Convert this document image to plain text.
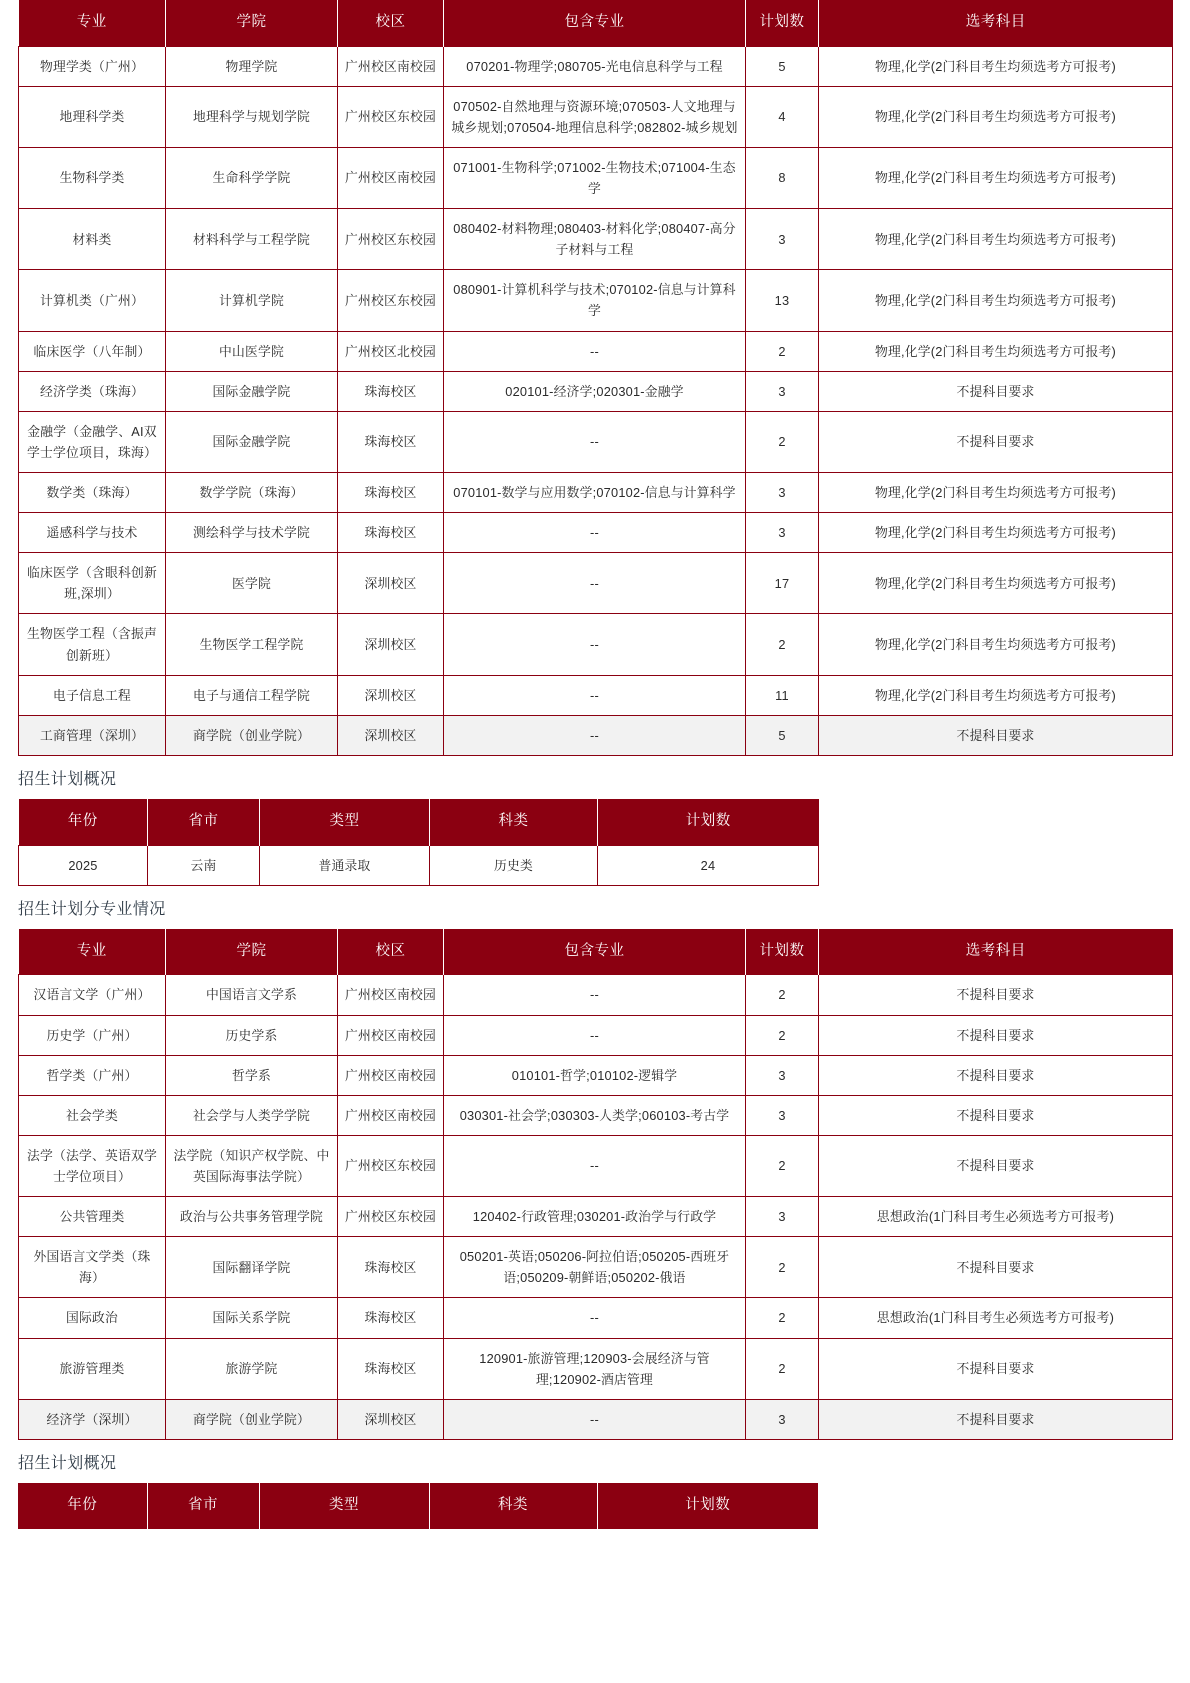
专业	学院	校区	包含专业	计划数	选考科目
物理学类（广州）	物理学院	广州校区南校园	070201-物理学;080705-光电信息科学与工程	5	物理,化学(2门科目考生均须选考方可报考)
地理科学类	地理科学与规划学院	广州校区东校园	070502-自然地理与资源环境;070503-人文地理与城乡规划;070504-地理信息科学;082802-城乡规划	4	物理,化学(2门科目考生均须选考方可报考)
生物科学类	生命科学学院	广州校区南校园	071001-生物科学;071002-生物技术;071004-生态学	8	物理,化学(2门科目考生均须选考方可报考)
材料类	材料科学与工程学院	广州校区东校园	080402-材料物理;080403-材料化学;080407-高分子材料与工程	3	物理,化学(2门科目考生均须选考方可报考)
计算机类（广州）	计算机学院	广州校区东校园	080901-计算机科学与技术;070102-信息与计算科学	13	物理,化学(2门科目考生均须选考方可报考)
临床医学（八年制）	中山医学院	广州校区北校园	--	2	物理,化学(2门科目考生均须选考方可报考)
经济学类（珠海）	国际金融学院	珠海校区	020101-经济学;020301-金融学	3	不提科目要求
金融学（金融学、AI双学士学位项目，珠海）	国际金融学院	珠海校区	--	2	不提科目要求
数学类（珠海）	数学学院（珠海）	珠海校区	070101-数学与应用数学;070102-信息与计算科学	3	物理,化学(2门科目考生均须选考方可报考)
遥感科学与技术	测绘科学与技术学院	珠海校区	--	3	物理,化学(2门科目考生均须选考方可报考)
临床医学（含眼科创新班,深圳）	医学院	深圳校区	--	17	物理,化学(2门科目考生均须选考方可报考)
生物医学工程（含振声创新班）	生物医学工程学院	深圳校区	--	2	物理,化学(2门科目考生均须选考方可报考)
电子信息工程	电子与通信工程学院	深圳校区	--	11	物理,化学(2门科目考生均须选考方可报考)
工商管理（深圳）	商学院（创业学院）	深圳校区	--	5	不提科目要求
招生计划概况
年份	省市	类型	科类	计划数
2025	云南	普通录取	历史类	24
招生计划分专业情况
专业	学院	校区	包含专业	计划数	选考科目
汉语言文学（广州）	中国语言文学系	广州校区南校园	--	2	不提科目要求
历史学（广州）	历史学系	广州校区南校园	--	2	不提科目要求
哲学类（广州）	哲学系	广州校区南校园	010101-哲学;010102-逻辑学	3	不提科目要求
社会学类	社会学与人类学学院	广州校区南校园	030301-社会学;030303-人类学;060103-考古学	3	不提科目要求
法学（法学、英语双学士学位项目）	法学院（知识产权学院、中英国际海事法学院）	广州校区东校园	--	2	不提科目要求
公共管理类	政治与公共事务管理学院	广州校区东校园	120402-行政管理;030201-政治学与行政学	3	思想政治(1门科目考生必须选考方可报考)
外国语言文学类（珠海）	国际翻译学院	珠海校区	050201-英语;050206-阿拉伯语;050205-西班牙语;050209-朝鲜语;050202-俄语	2	不提科目要求
国际政治	国际关系学院	珠海校区	--	2	思想政治(1门科目考生必须选考方可报考)
旅游管理类	旅游学院	珠海校区	120901-旅游管理;120903-会展经济与管理;120902-酒店管理	2	不提科目要求
经济学（深圳）	商学院（创业学院）	深圳校区	--	3	不提科目要求
招生计划概况
年份	省市	类型	科类	计划数
